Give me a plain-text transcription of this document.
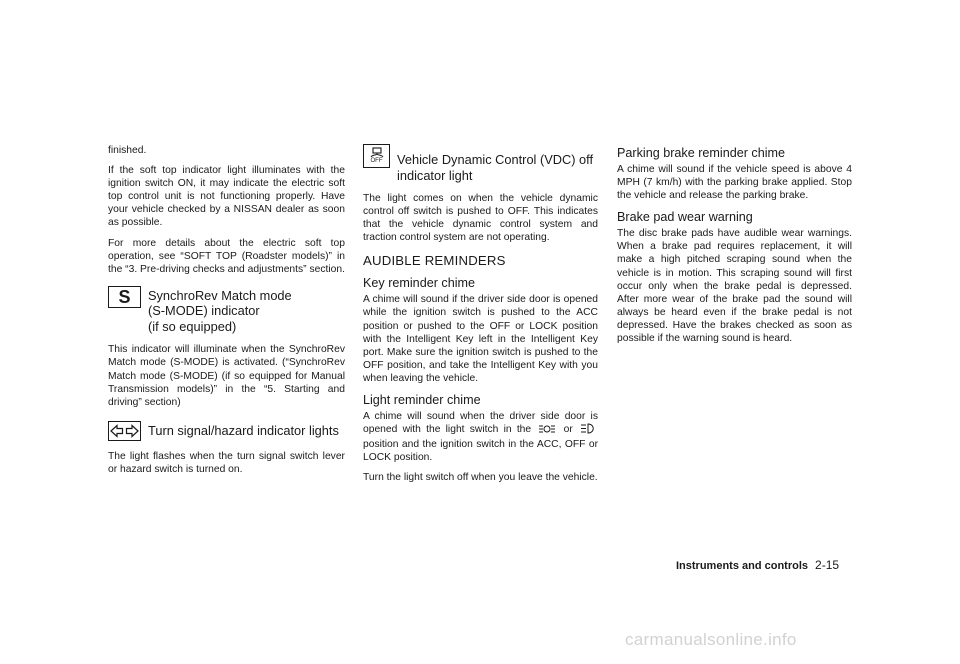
finished.

If the soft top indicator light illuminates with the ignition switch ON, it may indicate the electric soft top control unit is not functioning properly. Have your vehicle checked by a NISSAN dealer as soon as possible.

For more details about the electric soft top operation, see “SOFT TOP (Roadster models)” in the “3. Pre-driving checks and adjustments” section.

S SynchroRev Match mode
(S-MODE) indicator
(if so equipped)

This indicator will illuminate when the SynchroRev Match mode (S-MODE) is activated. (“SynchroRev Match mode (S-MODE) (if so equipped for Manual Transmission models)” in the “5. Starting and driving” section)

Turn signal/hazard indicator lights

The light flashes when the turn signal switch lever or hazard switch is turned on.

OFF Vehicle Dynamic Control (VDC) off
indicator light

The light comes on when the vehicle dynamic control off switch is pushed to OFF. This indicates that the vehicle dynamic control system and traction control system are not operating.

AUDIBLE REMINDERS
Key reminder chime

A chime will sound if the driver side door is opened while the ignition switch is pushed to the ACC position or pushed to the OFF or LOCK position with the Intelligent Key left in the Intelligent Key port. Make sure the ignition switch is pushed to the OFF position, and take the Intelligent Key with you when leaving the vehicle.

Light reminder chime

A chime will sound when the driver side door is opened with the light switch in the	or  position and the ignition switch in the ACC, OFF or LOCK position.

Turn the light switch off when you leave the vehicle.

Parking brake reminder chime

A chime will sound if the vehicle speed is above 4 MPH (7 km/h) with the parking brake applied. Stop the vehicle and release the parking brake.

Brake pad wear warning

The disc brake pads have audible wear warnings. When a brake pad requires replacement, it will make a high pitched scraping sound when the vehicle is in motion. This scraping sound will first occur only when the brake pedal is depressed. After more wear of the brake pad the sound will always be heard even if the brake pedal is not depressed. Have the brakes checked as soon as possible if the warning sound is heard.

Instruments and controls 2-15
carmanualsonline.info
